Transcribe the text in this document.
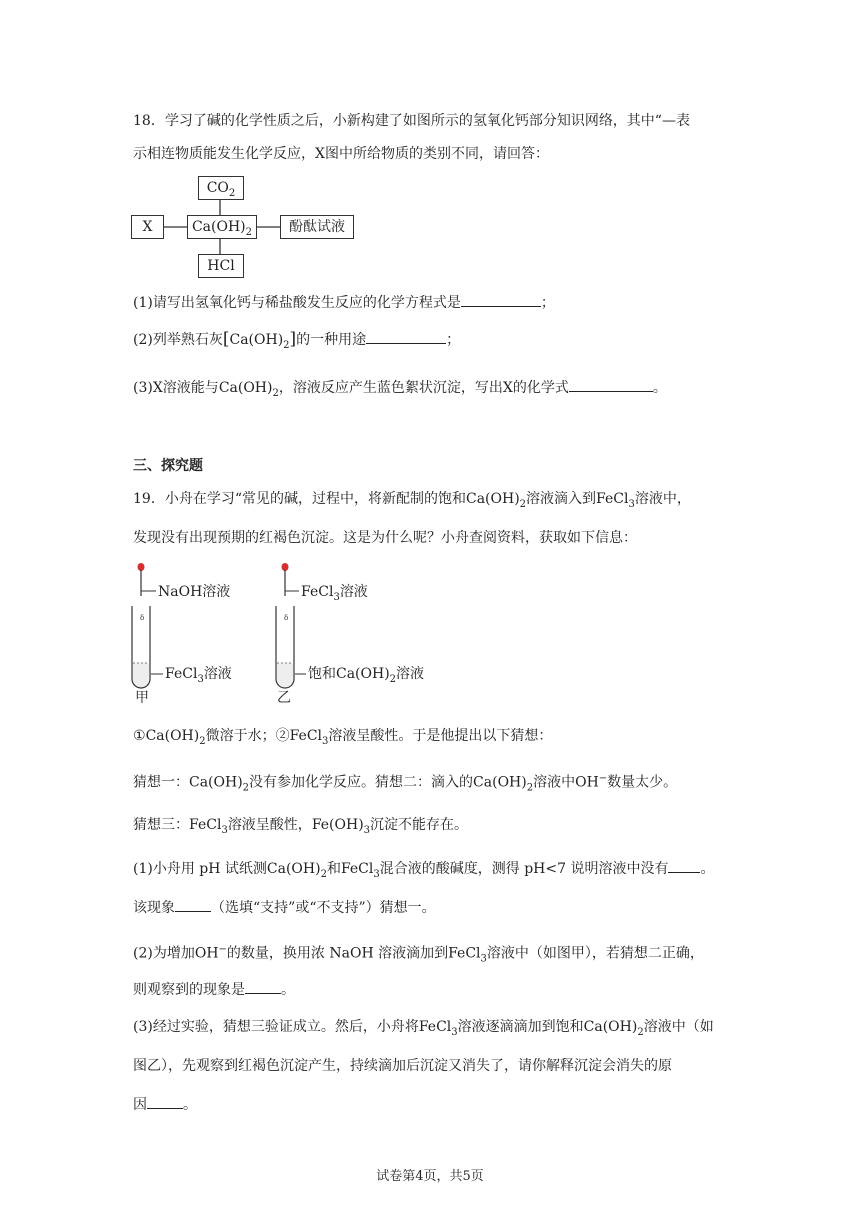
18．学习了碱的化学性质之后，小新构建了如图所示的氢氧化钙部分知识网络，其中“—表
示相连物质能发生化学反应，X图中所给物质的类别不同，请回答：
$CO_2$
$Ca(OH)_2$
X	酚酞试液
HCl
(1)请写出氢氧化钙与稀盐酸发生反应的化学方程式是	；
(2)列举熟石灰$[Ca(OH)_2]$的一种用途	；
(3)X溶液能与$Ca(OH)_2$，溶液反应产生蓝色絮状沉淀，写出X的化学式	。
三、探究题
19．小舟在学习“常见的碱，过程中，将新配制的饱和$Ca(OH)_2$溶液滴入到FeCl$_3$溶液中，
发现没有出现预期的红褐色沉淀。这是为什么呢？小舟查阅资料，获取如下信息：
δ	δ
NaOH溶液
FeCl$_3$溶液
甲
FeCl$_3$溶液
饱和$Ca(OH)_2$溶液
乙
$①Ca(OH)_2$微溶于水；②FeCl$_3$溶液呈酸性。于是他提出以下猜想：
猜想一：$Ca(OH)_2$没有参加化学反应。猜想二：滴入的$Ca(OH)_2$溶液中OH−数量太少。
猜想三：FeCl$_3$溶液呈酸性，$Fe(OH)_3$沉淀不能存在。
(1)小舟用 pH 试纸测$Ca(OH)_2$和FeCl$_3$混合液的酸碱度，测得 pH<7 说明溶液中没有 。
该现象	（选填“支持”或“不支持”）猜想一。
(2)为增加OH−的数量，换用浓 NaOH 溶液滴加到FeCl$_3$溶液中（如图甲），若猜想二正确，
则观察到的现象是	。
(3)经过实验，猜想三验证成立。然后，小舟将FeCl$_3$溶液逐滴滴加到饱和$Ca(OH)_2$溶液中（如
图乙），先观察到红褐色沉淀产生，持续滴加后沉淀又消失了，请你解释沉淀会消失的原
因	。
试卷第4页，共5页
